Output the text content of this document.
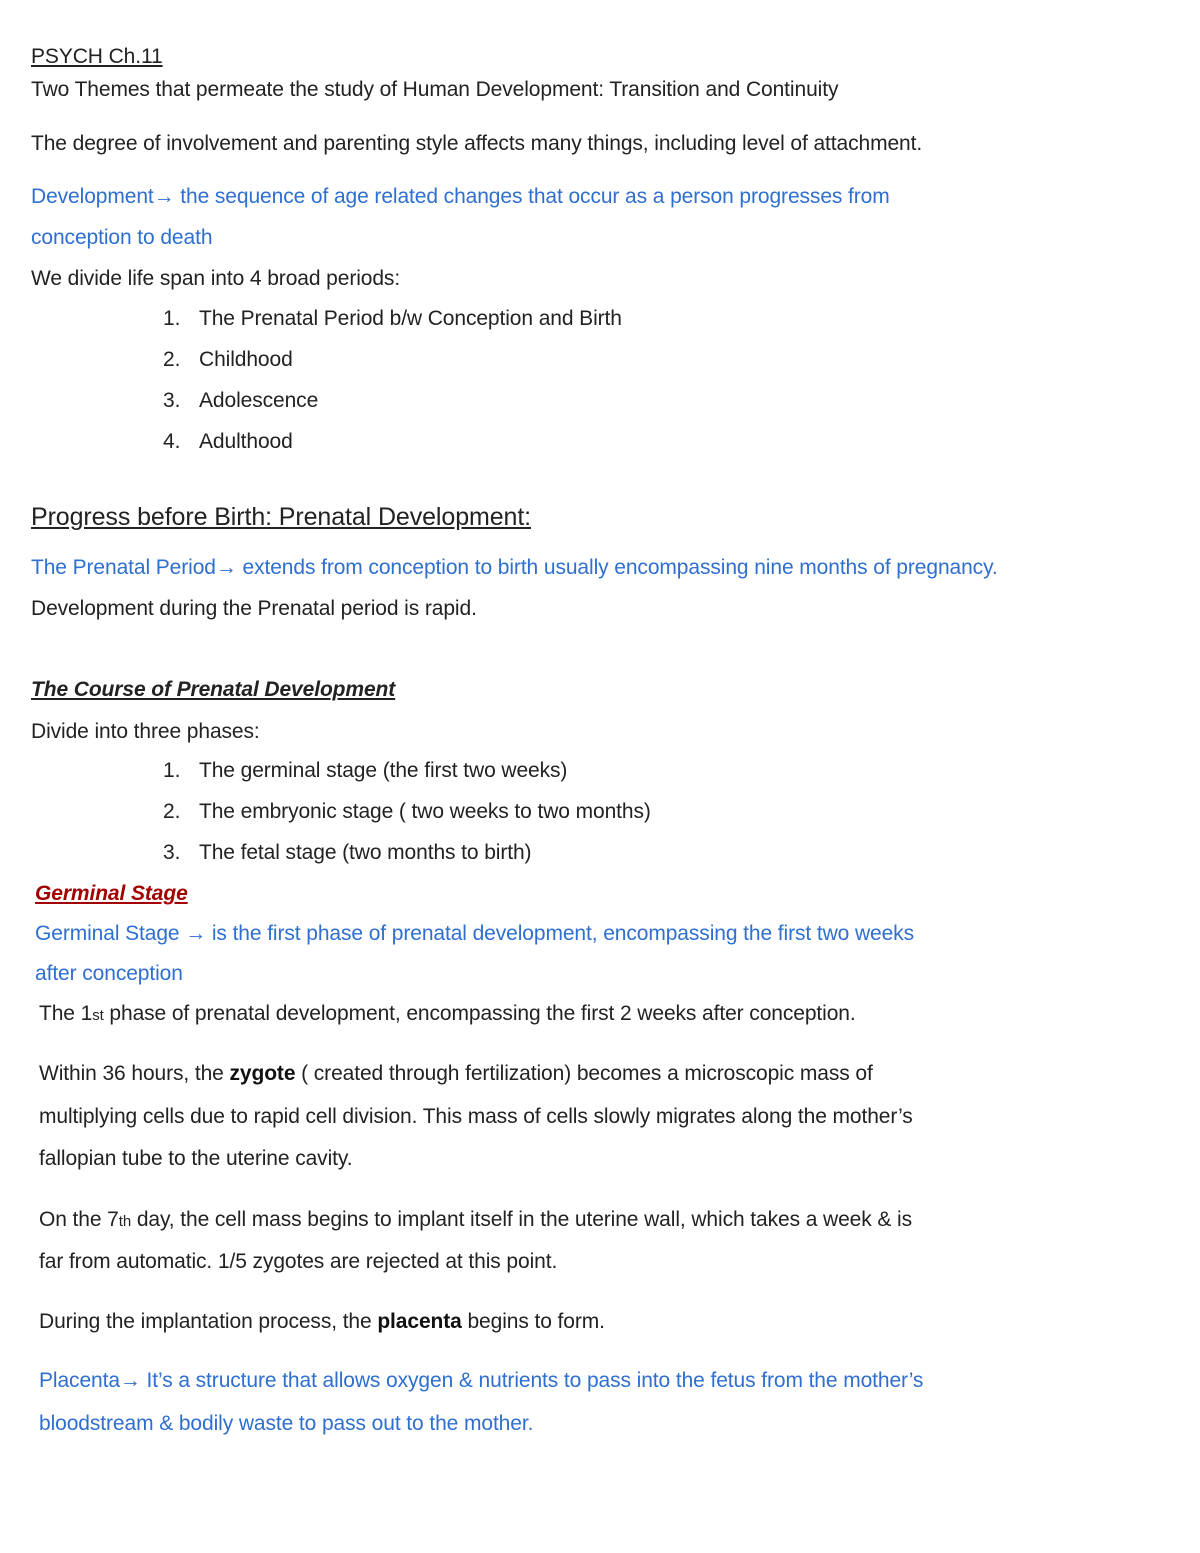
PSYCH Ch.11
Two Themes that permeate the study of Human Development: Transition and Continuity
The degree of involvement and parenting style affects many things, including level of attachment.
Development→ the sequence of age related changes that occur as a person progresses from
conception to death
We divide life span into 4 broad periods:
1. The Prenatal Period b/w Conception and Birth
2. Childhood
3. Adolescence
4. Adulthood
Progress before Birth: Prenatal Development:
The Prenatal Period→ extends from conception to birth usually encompassing nine months of pregnancy.
Development during the Prenatal period is rapid.
The Course of Prenatal Development
Divide into three phases:
1. The germinal stage (the first two weeks)
2. The embryonic stage ( two weeks to two months)
3. The fetal stage (two months to birth)
Germinal Stage
Germinal Stage → is the first phase of prenatal development, encompassing the first two weeks
after conception
The 1st phase of prenatal development, encompassing the first 2 weeks after conception.
Within 36 hours, the zygote ( created through fertilization) becomes a microscopic mass of
multiplying cells due to rapid cell division. This mass of cells slowly migrates along the mother’s
fallopian tube to the uterine cavity.
On the 7th day, the cell mass begins to implant itself in the uterine wall, which takes a week & is
far from automatic. 1/5 zygotes are rejected at this point.
During the implantation process, the placenta begins to form.
Placenta→ It’s a structure that allows oxygen & nutrients to pass into the fetus from the mother’s
bloodstream & bodily waste to pass out to the mother.
